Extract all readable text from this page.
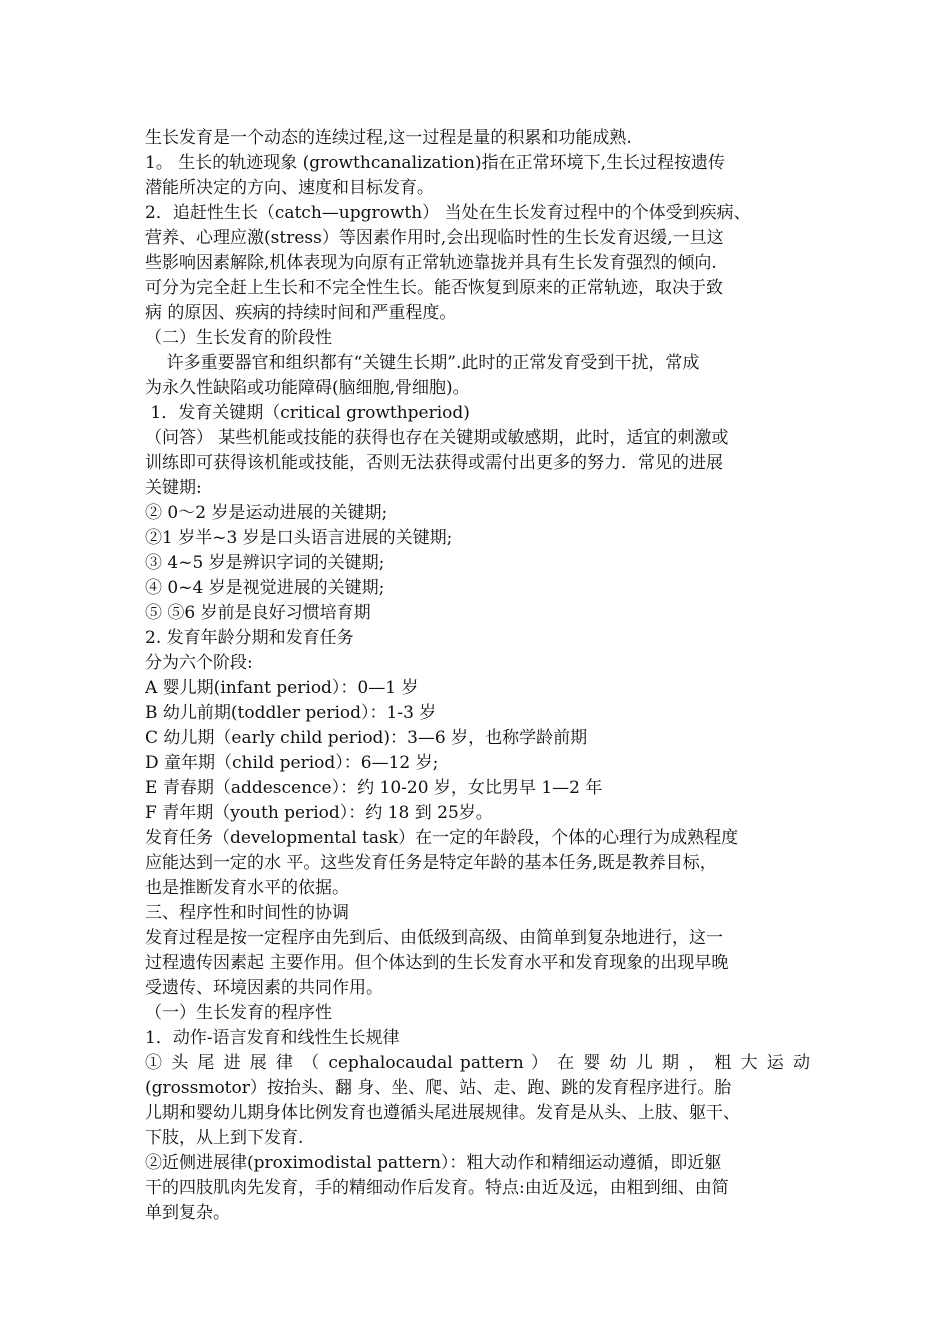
生长发育是一个动态的连续过程,这一过程是量的积累和功能成熟.
1。 生长的轨迹现象 (growthcanalization)指在正常环境下,生长过程按遗传
潜能所决定的方向、速度和目标发育。
2．追赶性生长（catch—upgrowth） 当处在生长发育过程中的个体受到疾病、
营养、心理应激(stress）等因素作用时,会出现临时性的生长发育迟缓,一旦这
些影响因素解除,机体表现为向原有正常轨迹靠拢并具有生长发育强烈的倾向.
可分为完全赶上生长和不完全性生长。能否恢复到原来的正常轨迹，取决于致
病 的原因、疾病的持续时间和严重程度。
（二）生长发育的阶段性
许多重要器官和组织都有“关键生长期”.此时的正常发育受到干扰，常成
为永久性缺陷或功能障碍(脑细胞,骨细胞)。
1．发育关键期（critical growthperiod)
（问答） 某些机能或技能的获得也存在关键期或敏感期，此时，适宜的刺激或
训练即可获得该机能或技能，否则无法获得或需付出更多的努力．常见的进展
关键期:
② 0～2 岁是运动进展的关键期;
②1 岁半~3 岁是口头语言进展的关键期;
③ 4~5 岁是辨识字词的关键期;
④ 0~4 岁是视觉进展的关键期;
⑤ ⑤6 岁前是良好习惯培育期
2. 发育年龄分期和发育任务
分为六个阶段:
A 婴儿期(infant period）：0—1 岁
B 幼儿前期(toddler period）：1-3 岁
C 幼儿期（early child period)：3—6 岁，也称学龄前期
D 童年期（child period）：6—12 岁;
E 青春期（addescence）：约 10-20 岁，女比男早 1—2 年
F 青年期（youth period）：约 18 到 25岁。
发育任务（developmental task）在一定的年龄段，个体的心理行为成熟程度
应能达到一定的水 平。这些发育任务是特定年龄的基本任务,既是教养目标，
也是推断发育水平的依据。
三、程序性和时间性的协调
发育过程是按一定程序由先到后、由低级到高级、由简单到复杂地进行，这一
过程遗传因素起 主要作用。但个体达到的生长发育水平和发育现象的出现早晚
受遗传、环境因素的共同作用。
（一）生长发育的程序性
1．动作-语言发育和线性生长规律
① 头 尾 进 展 律 （ cephalocaudal pattern ） 在 婴 幼 儿 期 ， 粗 大 运 动
(grossmotor）按抬头、翻 身、坐、爬、站、走、跑、跳的发育程序进行。胎
儿期和婴幼儿期身体比例发育也遵循头尾进展规律。发育是从头、上肢、躯干、
下肢，从上到下发育.
②近侧进展律(proximodistal pattern）：粗大动作和精细运动遵循，即近躯
干的四肢肌肉先发育，手的精细动作后发育。特点:由近及远，由粗到细、由简
单到复杂。
